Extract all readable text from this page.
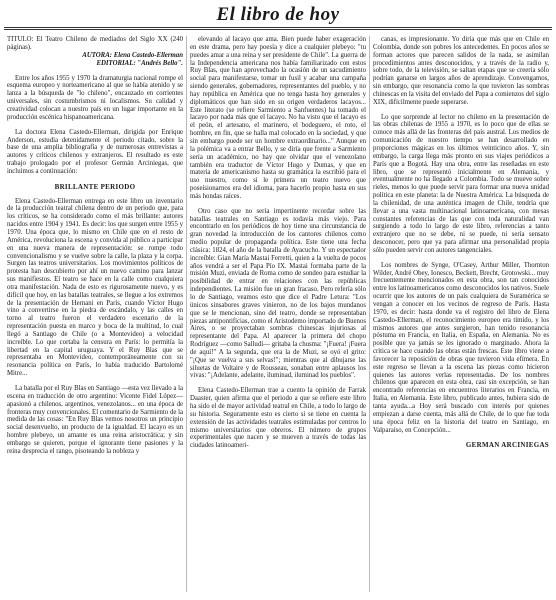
El libro de hoy
TITULO: El Teatro Chileno de mediados del Siglo XX (240 páginas).
AUTORA: Elena Castedo-Ellerman
EDITORIAL: "Andrés Bello".

Entre los años 1955 y 1970 la dramaturgia nacional rompe el esquema europeo y norteamericano al que se había atenido y se lanza a la búsqueda de "lo chileno", encauzado en corrientes universales, sin costumbrismos ni localismos. Su calidad y creatividad colocan a nuestro país en un lugar importante en la producción escénica hispanoamericana.

La doctora Elena Castedo-Ellerman, dirigida por Enrique Anderson, estudia detenidamente el periodo citado, sobre la base de una amplia bibliografía y de numerosas entrevistas a autores y críticos chilenos y extranjeros. El resultado es este trabajo prologado por el profesor Germán Arciniegas, que incluimos a continuación:

BRILLANTE PERIODO

Elena Castedo-Ellerman entrega en este libro un inventario de la producción teatral chilena dentro de un periodo que, para los críticos, se ha considerado como el más brillante: autores nacidos entre 1904 y 1941. Es decir: los que surgen entre 1955 y 1970. Una época que, lo mismo en Chile que en el resto de América, revoluciona la escena y convida al público a participar en una nueva manera de representación: se rompe todo convencionalismo y se vuelve sobre la calle, la plaza y la corpa. Surgen las teatros universitarios. Los movimientos políticos de protesta han descubierto por ahí un nuevo camino para lanzar sus manifiestos. El teatro se hace en la calle como cualquiera otra manifestación. Nada de esto es rigurosamente nuevo, y es difícil que hoy, en las batallas teatrales, se llegue a los extremos de la presentación de Hernani en París, cuando Víctor Hugo vino a convertirse en la piedra de escándalo, y las calles en torno al teatro fueron el verdadero escenario de la representación puesta en marco y boca de la multitud, lo cual llegó a Santiago de Chile (o a Montevideo) a velocidad increíble. Lo que cortaba la censura en París: lo permitía la libertad en la capital uruguaya. Y el Ruy Blas que se representaba en Montevideo, contemporáneamente con su resonancia política en París, lo había traducido Bartolomé Mitre...

La batalla por el Ruy Blas en Santiago —esta vez llevado a la escena en traducción de otro argentino: Vicente Fidel López— apasionó a chilenos, argentinos, venezolanos... en una época de fronteras muy convencionales. El comentario de Sarmiento de la medida de las cosas: "En Ruy Blas vemos nosotros un principio social desenvuelto, un producto de la igualdad. El lacayo es un hombre plebeyo, un amante es una reina aristocrática; y sin embargo se quieren, porque el ignorante tiene pasiones y la reina desprecia el rango, pisoteando la nobleza y

elevando al lacayo que ama. Bien puede haber exageración en este drama, pero hay poesía y dice a cualquier plebeyo: "tu puedes amar a una reina y ser presidente de Chile". La guerra de la Independencia americana nos había familiarizado con estos Ruy Blas, que han aprovechado la ocasión de un sacudimiento social para manifestarse, tomar un fusil y acabar una campaña siendo generales, gobernadores, representantes del pueblo, y no hay república en América que no tenga hasta hoy generales y diplomáticos que han sido en su origen verdaderos lacayos... Este literato (se refiere Sarmiento a Sanfuentes) ha tomado el lacayo por nada más que el lacayo. No ha visto que el lacayo es el peón, el artesano, el marinero, el bodeguero, el roto, el hombre, en fin, que se halla mal colocado en la sociedad, y que sin embargo puede ser un hombre extraordinario..." Aunque en la polémica va a entrar Bello, y se diría que frente a Sarmiento sería un académico, no hay que olvidar que el venezolano también era traductor de Víctor Hugo y Dumas, y que en materia de americanismo hasta su gramática la escribió para el uso nuestro, como si le primera un teatro nuevo que poseísionarnos era del idioma, para hacerlo propio hasta en sus más hondas raíces.

Otro caso que no sería impertinente recordar sobre las batallas teatrales en Santiago es todavía más viejo. Para encontrarlo en los periódicos de hoy tiene una circunstancia de gran novedad la introducción de los cantores chilenos como medio popular de propaganda política. Este tiene una fecha clásica: 1824, el año de la batalla de Ayacucho. Y un espectador increíble: Gian María Mastai Ferretti, quien a la vuelta de pocos años vendrá a ser el Papa Pío IX. Mastai formaba parte de la misión Muzi, enviada de Roma como de sondeo para estudiar la posibilidad de entrar en relaciones con las repúblicas independientes. La misión fue un gran fracaso. Pero refería sólo lo de Santiago, veamos esto que dice el Padre Letura: "Los únicos sinsabores graves vinieron, no de los bajos mundanos que se le mencionan, sino del teatro, donde se representaban piezas antipontificias, como el Aristodemo importado de Buenos Aires, o se proyectaban sombras chinescas injuriosas al representante del Papa. Al aparecer la primera del chopo Rodríguez —como Salludí— gritaba la chusma: "¡Fuera! ¡Fuera de aquí!" A la segunda, que era la de Muzi, se oyó el grito: "¡Que se vuelva a sus selvas!"; mientras que al dibujarse las siluetas de Voltaire y de Rousseau, sonaban entre aplausos los vivas: "¡Adelante, adelante, iluminad, iluminad los pueblos".

Elena Castedo-Ellerman trae a cuento la opinión de Farrak Daaster, quien afirma que el periodo a que se refiere este libro ha sido el de mayor actividad teatral en Chile, a todo lo largo de su historia. Seguramente esto es cierto si se tiene en cuenta la extensión de las actividades teatrales estimuladas por centros lo mismo universitarios que obreros. El número de grupos experimentales que nacen y se mueven a través de todas las ciudades latinoameri-

canas, es impresionante. Yo diría que más que en Chile en Colombia, donde son pobres los antecedentes. En pocos años se forman actores que parecen salidos de la nada, se asimilan procedimientos antes desconocidos, y a través de la radio y, sobre todo, de la televisión, se saltan etapas que se creería sólo podrían ganarse en largos años de aprendizaje. Convengamos, sin embargo, que resonancia como la que tuvieron las sombras chinescas en la visita del enviado del Papa a comienzos del siglo XIX, difícilmente puede superarse.

Lo que sorprende al lector no chileno en la presentación de las obras chilenas de 1955 a 1970, es lo poco que de ellas se conoce más allá de las fronteras del país austral. Los medios de comunicación de nuestro tiempo se han desarrollado en proporciones mágicas en los últimos veinticinco años. Y, sin embargo, la carga llega más pronto en sus viajes periódicos a París que a Bogotá. Hay una obra, entre las reseñadas en este libro, que se representó inicialmente en Alemania, y eventualmente no ha llegado a Colombia. Todo se mueve sobre rieles, menos lo que puede servir para formar una nueva unidad política en este planeta: la de Nuestra América. La búsqueda de la chilenidad, de una auténtica imagen de Chile, tendría que llevar a una vasta multinacional latinoamericana, con mesas constantes referencias de las que con toda naturalidad van surgiendo a todo lo largo de este libro, referencias a tanto extranjero que no se debe, ni se puede, ni sería sensato desconocer, pero que ya para afirmar una personalidad propia sólo pueden servir con autores tangenciales.

Los nombres de Synge, O'Casey, Arthur Miller, Thornton Wilder, André Obey, Ionesco, Beckett, Brecht, Grotowski... muy frecuentemente mencionados en esta obra, son tan conocidos entre los latinoamericanos como desconocidos los nativos. Suele ocurrir que los autores de un país cualquiera de Suramérica se vengan a conocer en los vecinos de regreso de París. Hasta 1970, es decir: hasta donde va el registro del libro de Elena Castedo-Ellerman, el reconocimiento europeo era tímido, y los mismos autores que antes surgieron, han tenido resonancia póstuma en Francia, en Italia, en España, en Alemania. No es posible que ya jamás se les ignorado o marginado. Ahora la crítica se hace cuando las obras están frescas. Este libro viene a favorecer la reposición de obras que tuvieron vida efímera. En este regreso se llevan a la escena las piezas como hicieron quienes las autores verlas representadas. De los nombres chilenos que aparecen en esta obra, casi sin excepción, se han encontrado referencias en encuentros literarios en Francia, en Italia, en Alemania. Este libro, publicado antes, hubiera sido de tanta ayuda...a Hoy será buscado con interés por quienes empiezan a darse cuenta, más allá de Chile, de lo que fue toda una época feliz en la historia del teatro en Santiago, en Valparaíso, en Concepción...

GERMAN ARCINIEGAS
